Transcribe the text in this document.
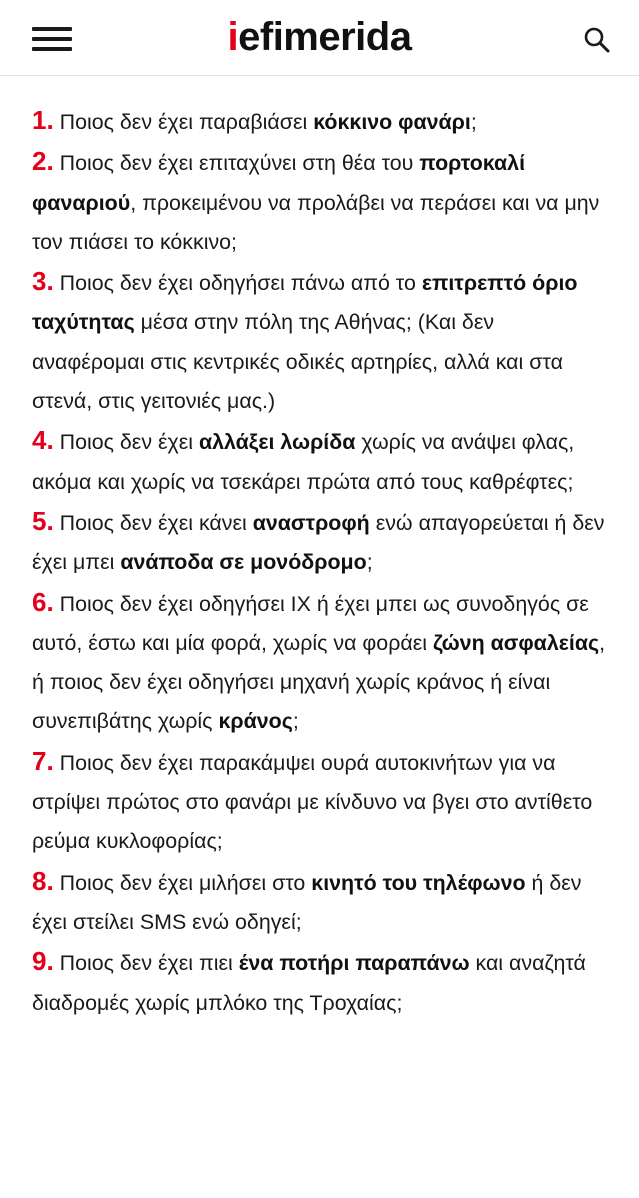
iefimerida

1. Ποιος δεν έχει παραβιάσει κόκκινο φανάρι;

2. Ποιος δεν έχει επιταχύνει στη θέα του πορτοκαλί φαναριού, προκειμένου να προλάβει να περάσει και να μην τον πιάσει το κόκκινο;

3. Ποιος δεν έχει οδηγήσει πάνω από το επιτρεπτό όριο ταχύτητας μέσα στην πόλη της Αθήνας; (Και δεν αναφέρομαι στις κεντρικές οδικές αρτηρίες, αλλά και στα στενά, στις γειτονιές μας.)

4. Ποιος δεν έχει αλλάξει λωρίδα χωρίς να ανάψει φλας, ακόμα και χωρίς να τσεκάρει πρώτα από τους καθρέφτες;

5. Ποιος δεν έχει κάνει αναστροφή ενώ απαγορεύεται ή δεν έχει μπει ανάποδα σε μονόδρομο;

6. Ποιος δεν έχει οδηγήσει ΙΧ ή έχει μπει ως συνοδηγός σε αυτό, έστω και μία φορά, χωρίς να φοράει ζώνη ασφαλείας, ή ποιος δεν έχει οδηγήσει μηχανή χωρίς κράνος ή είναι συνεπιβάτης χωρίς κράνος;

7. Ποιος δεν έχει παρακάμψει ουρά αυτοκινήτων για να στρίψει πρώτος στο φανάρι με κίνδυνο να βγει στο αντίθετο ρεύμα κυκλοφορίας;

8. Ποιος δεν έχει μιλήσει στο κινητό του τηλέφωνο ή δεν έχει στείλει SMS ενώ οδηγεί;

9. Ποιος δεν έχει πιει ένα ποτήρι παραπάνω και αναζητά διαδρομές χωρίς μπλόκο της Τροχαίας;
